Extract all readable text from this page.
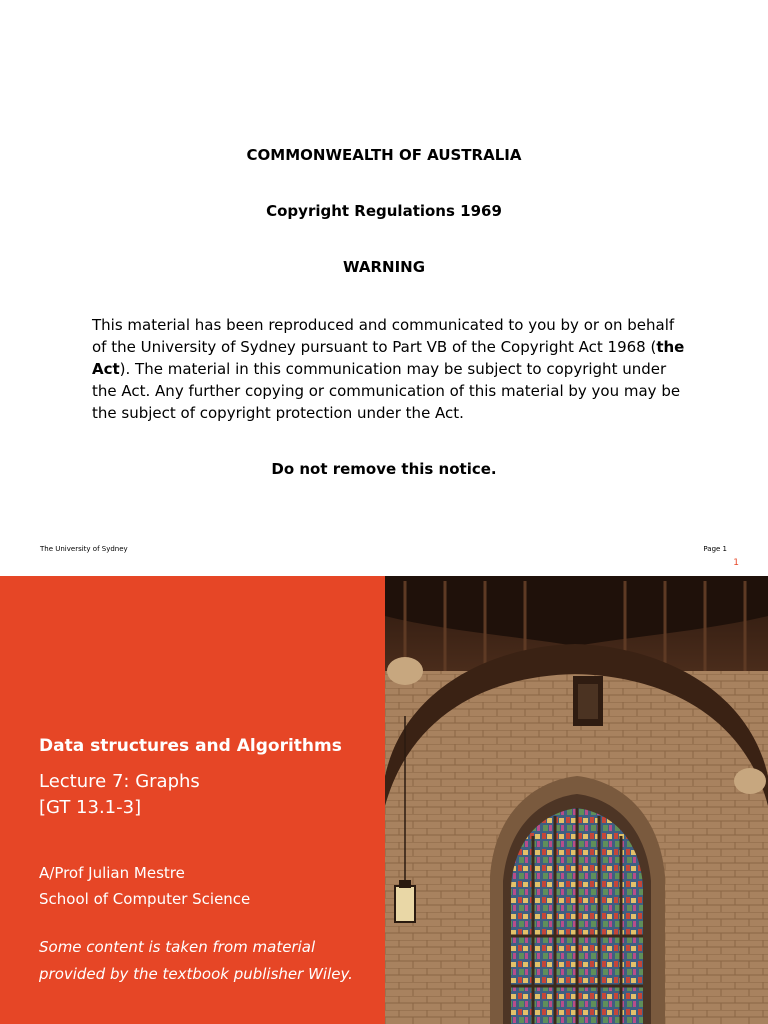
COMMONWEALTH OF AUSTRALIA
Copyright Regulations 1969
WARNING

This material has been reproduced and communicated to you by or on behalf of the University of Sydney pursuant to Part VB of the Copyright Act 1968 (the Act). The material in this communication may be subject to copyright under the Act. Any further copying or communication of this material by you may be the subject of copyright protection under the Act.

Do not remove this notice.
The University of Sydney	Page 1
1
Data structures and Algorithms
Lecture 7: Graphs
[GT 13.1-3]
A/Prof Julian Mestre
School of Computer Science
Some content is taken from material
provided by the textbook publisher Wiley.
